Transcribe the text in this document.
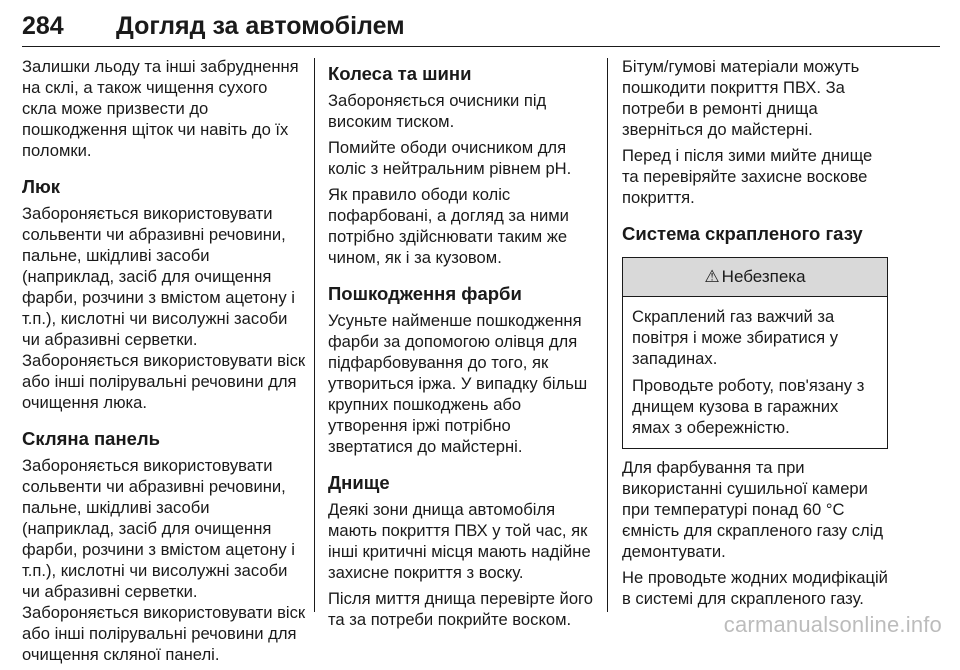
284	Догляд за автомобілем

Залишки льоду та інші забруднення на склі, а також чищення сухого скла може призвести до пошкодження щіток чи навіть до їх поломки.

Люк

Забороняється використовувати сольвенти чи абразивні речовини, пальне, шкідливі засоби (наприклад, засіб для очищення фарби, розчини з вмістом ацетону і т.п.), кислотні чи висолужні засоби чи абразивні серветки. Забороняється використовувати віск або інші полірувальні речовини для очищення люка.

Скляна панель

Забороняється використовувати сольвенти чи абразивні речовини, пальне, шкідливі засоби (наприклад, засіб для очищення фарби, розчини з вмістом ацетону і т.п.), кислотні чи висолужні засоби чи абразивні серветки. Забороняється використовувати віск або інші полірувальні речовини для очищення скляної панелі.

Колеса та шини

Забороняється очисники під високим тиском.

Помийте ободи очисником для коліс з нейтральним рівнем pH.

Як правило ободи коліс пофарбовані, а догляд за ними потрібно здійснювати таким же чином, як і за кузовом.

Пошкодження фарби

Усуньте найменше пошкодження фарби за допомогою олівця для підфарбовування до того, як утвориться іржа. У випадку більш крупних пошкоджень або утворення іржі потрібно звертатися до майстерні.

Днище

Деякі зони днища автомобіля мають покриття ПВХ у той час, як інші критичні місця мають надійне захисне покриття з воску.

Після миття днища перевірте його та за потреби покрийте воском.

Бітум/гумові матеріали можуть пошкодити покриття ПВХ. За потреби в ремонті днища зверніться до майстерні.

Перед і після зими мийте днище та перевіряйте захисне воскове покриття.

Система скрапленого газу
⚠ Небезпека

Скраплений газ важчий за повітря і може збиратися у западинах.

Проводьте роботу, пов'язану з днищем кузова в гаражних ямах з обережністю.

Для фарбування та при використанні сушильної камери при температурі понад 60 °C ємність для скрапленого газу слід демонтувати.

Не проводьте жодних модифікацій в системі для скрапленого газу.

carmanualsonline.info
